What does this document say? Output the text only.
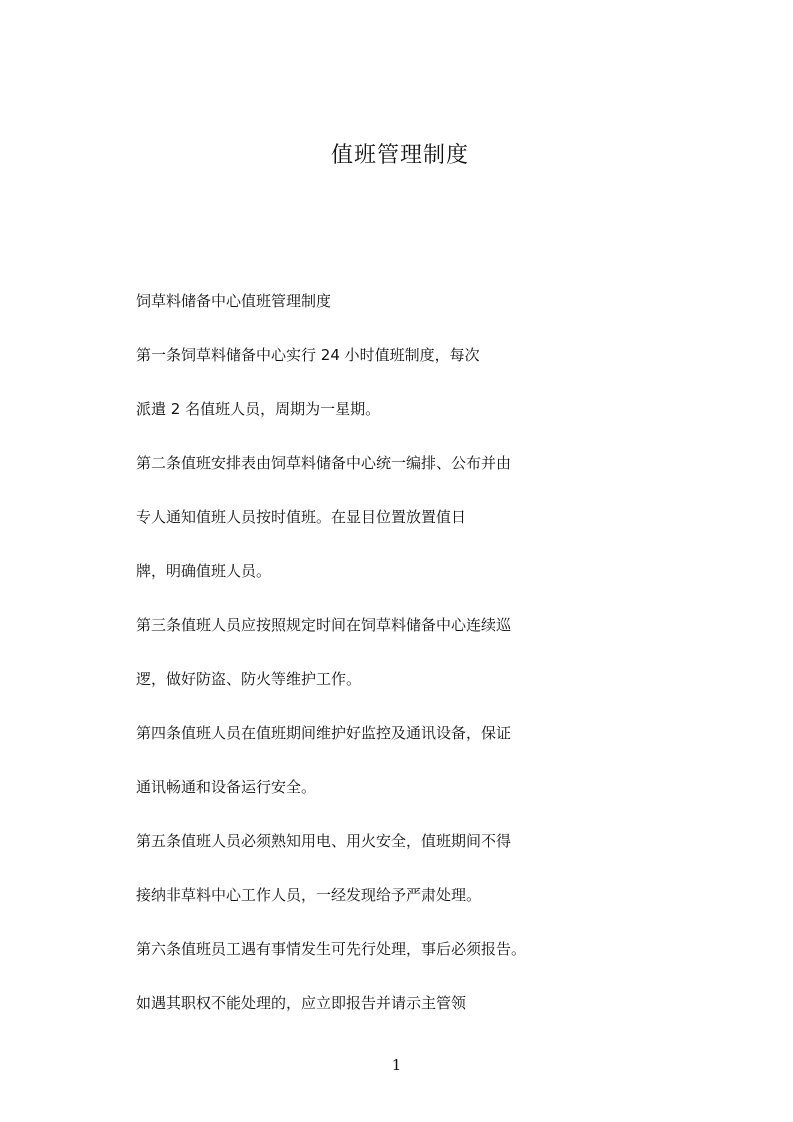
值班管理制度
饲草料储备中心值班管理制度
第一条饲草料储备中心实行 24 小时值班制度，每次
派遣 2 名值班人员，周期为一星期。
第二条值班安排表由饲草料储备中心统一编排、公布并由
专人通知值班人员按时值班。在显目位置放置值日
牌，明确值班人员。
第三条值班人员应按照规定时间在饲草料储备中心连续巡
逻，做好防盗、防火等维护工作。
第四条值班人员在值班期间维护好监控及通讯设备，保证
通讯畅通和设备运行安全。
第五条值班人员必须熟知用电、用火安全，值班期间不得
接纳非草料中心工作人员，一经发现给予严肃处理。
第六条值班员工遇有事情发生可先行处理，事后必须报告。
如遇其职权不能处理的，应立即报告并请示主管领
1
